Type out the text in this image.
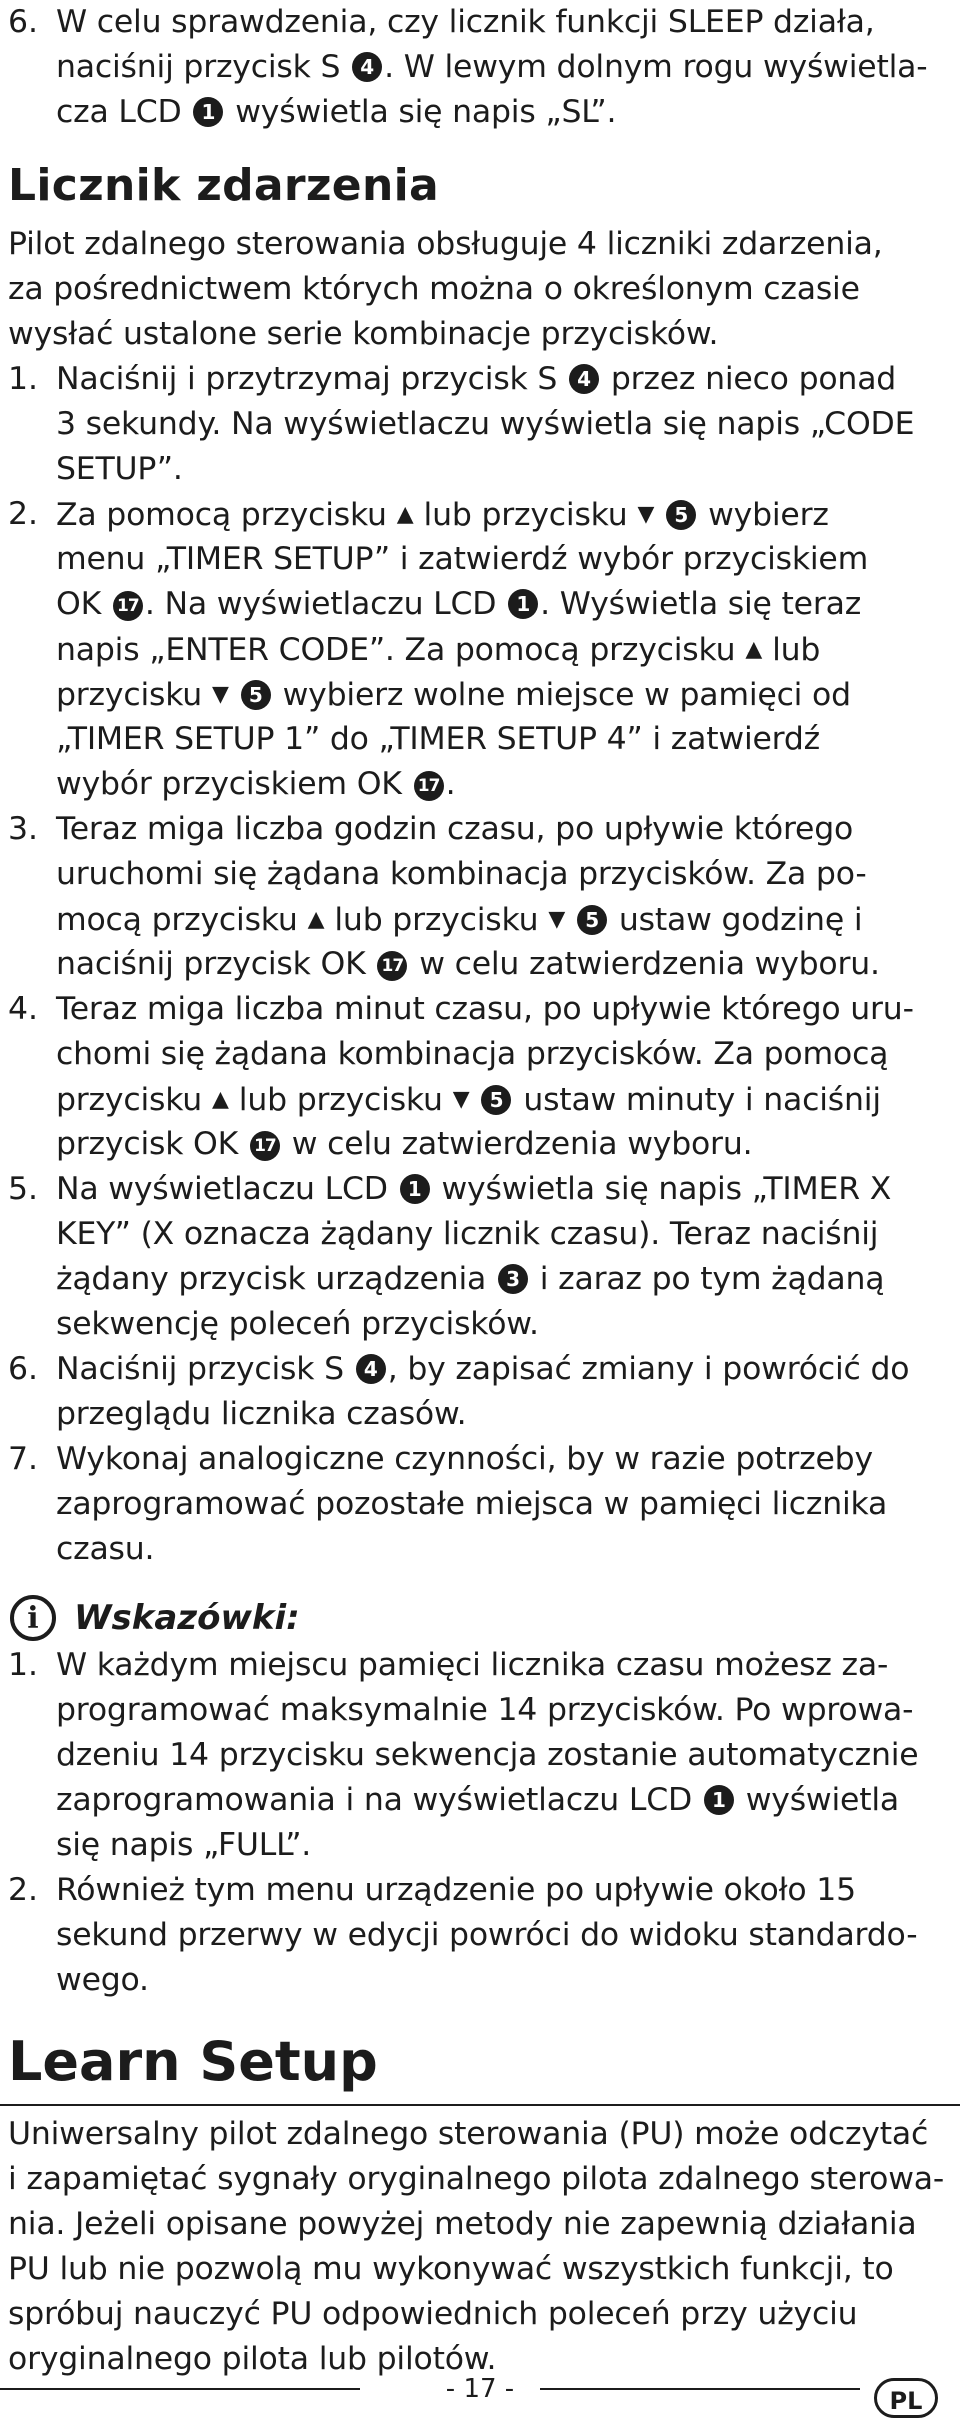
6. W celu sprawdzenia, czy licznik funkcji SLEEP działa,
naciśnij przycisk S 4 . W lewym dolnym rogu wyświetla-
cza LCD 1 wyświetla się napis „SL”.
Licznik zdarzenia
Pilot zdalnego sterowania obsługuje 4 liczniki zdarzenia,
za pośrednictwem których można o określonym czasie
wysłać ustalone serie kombinacje przycisków.
1. Naciśnij i przytrzymaj przycisk S 4 przez nieco ponad
3 sekundy. Na wyświetlaczu wyświetla się napis „CODE
SETUP”.
2. Za pomocą przycisku ▲ lub przycisku ▼ 5 wybierz
menu „TIMER SETUP” i zatwierdź wybór przyciskiem
OK 17 . Na wyświetlaczu LCD 1 . Wyświetla się teraz
napis „ENTER CODE”. Za pomocą przycisku ▲ lub
przycisku ▼ 5 wybierz wolne miejsce w pamięci od
„TIMER SETUP 1” do „TIMER SETUP 4” i zatwierdź
wybór przyciskiem OK 17 .
3. Teraz miga liczba godzin czasu, po upływie którego
uruchomi się żądana kombinacja przycisków. Za po-
mocą przycisku ▲ lub przycisku ▼ 5 ustaw godzinę i
naciśnij przycisk OK 17 w celu zatwierdzenia wyboru.
4. Teraz miga liczba minut czasu, po upływie którego uru-
chomi się żądana kombinacja przycisków. Za pomocą
przycisku ▲ lub przycisku ▼ 5 ustaw minuty i naciśnij
przycisk OK 17 w celu zatwierdzenia wyboru.
5. Na wyświetlaczu LCD 1 wyświetla się napis „TIMER X
KEY” (X oznacza żądany licznik czasu). Teraz naciśnij
żądany przycisk urządzenia 3 i zaraz po tym żądaną
sekwencję poleceń przycisków.
6. Naciśnij przycisk S 4 , by zapisać zmiany i powrócić do
przeglądu licznika czasów.
7. Wykonaj analogiczne czynności, by w razie potrzeby
zaprogramować pozostałe miejsca w pamięci licznika
czasu.
i	Wskazówki:
1. W każdym miejscu pamięci licznika czasu możesz za-
programować maksymalnie 14 przycisków. Po wprowa-
dzeniu 14 przycisku sekwencja zostanie automatycznie
zaprogramowania i na wyświetlaczu LCD 1 wyświetla
się napis „FULL”.
2. Również tym menu urządzenie po upływie około 15
sekund przerwy w edycji powróci do widoku standardo-
wego.
Learn Setup
Uniwersalny pilot zdalnego sterowania (PU) może odczytać
i zapamiętać sygnały oryginalnego pilota zdalnego sterowa-
nia. Jeżeli opisane powyżej metody nie zapewnią działania
PU lub nie pozwolą mu wykonywać wszystkich funkcji, to
spróbuj nauczyć PU odpowiednich poleceń przy użyciu
oryginalnego pilota lub pilotów.
- 17 -	PL
